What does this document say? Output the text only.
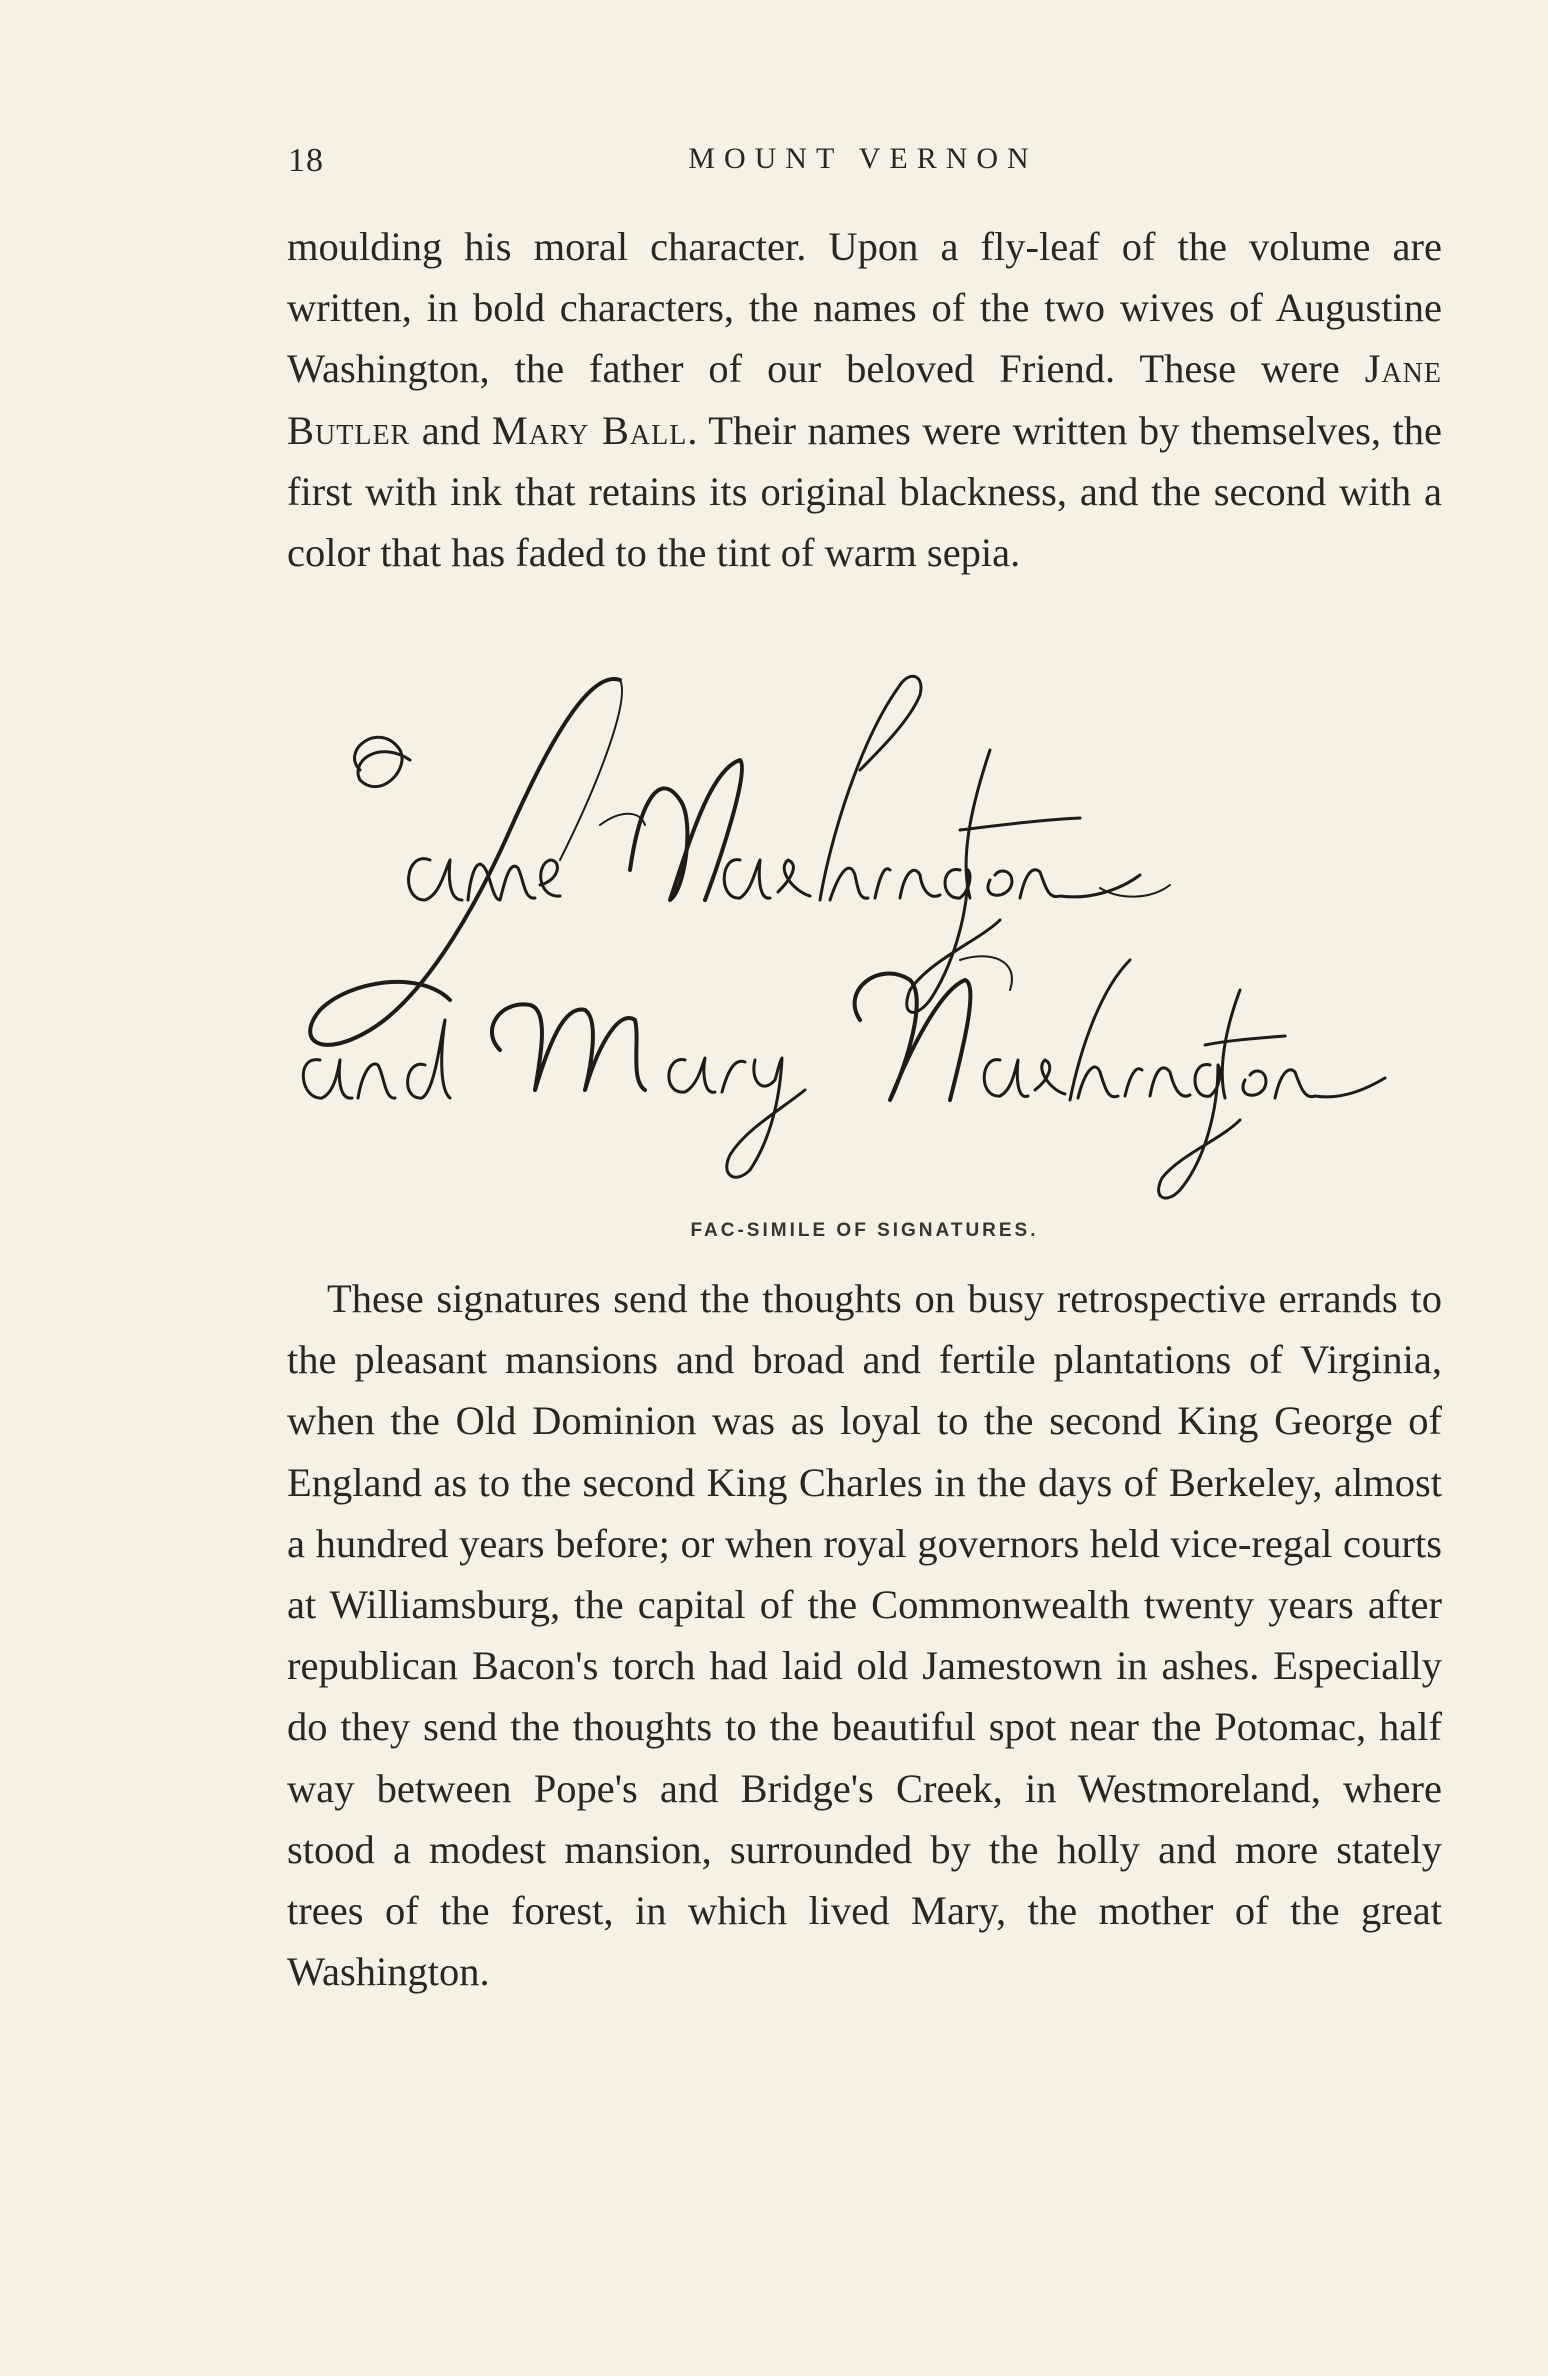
18	MOUNT VERNON

moulding his moral character. Upon a fly-leaf of the volume are written, in bold characters, the names of the two wives of Augustine Washington, the father of our beloved Friend. These were Jane Butler and Mary Ball. Their names were written by themselves, the first with ink that retains its original blackness, and the second with a color that has faded to the tint of warm sepia.

FAC-SIMILE OF SIGNATURES.

These signatures send the thoughts on busy retrospective errands to the pleasant mansions and broad and fertile plantations of Virginia, when the Old Dominion was as loyal to the second King George of England as to the second King Charles in the days of Berkeley, almost a hundred years before; or when royal governors held vice-regal courts at Williamsburg, the capital of the Commonwealth twenty years after republican Bacon's torch had laid old Jamestown in ashes. Especially do they send the thoughts to the beautiful spot near the Potomac, half way between Pope's and Bridge's Creek, in Westmoreland, where stood a modest mansion, surrounded by the holly and more stately trees of the forest, in which lived Mary, the mother of the great Washington.
